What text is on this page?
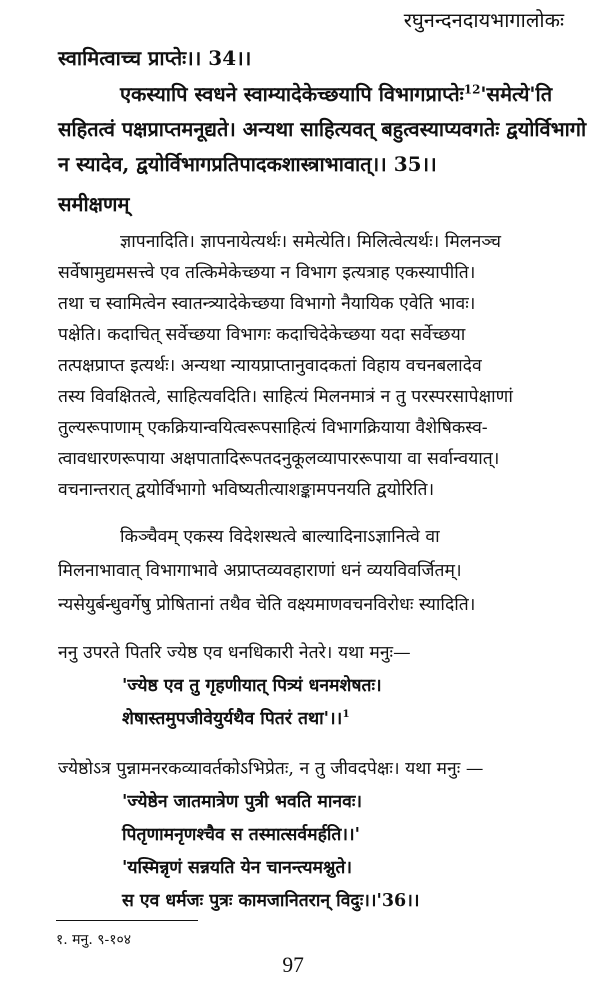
रघुनन्दनदायभागालोकः
स्वामित्वाच्च प्राप्तेः।। 34।।
एकस्यापि स्वधने स्वाम्यादेकेच्छयापि विभागप्राप्तेः$^{12}$'समेत्ये'ति
सहितत्वं पक्षप्राप्तमनूद्यते। अन्यथा साहित्यवत् बहुत्वस्याप्यवगतेः द्वयोर्विभागो
न स्यादेव, द्वयोर्विभागप्रतिपादकशास्त्राभावात्।। 35।।
समीक्षणम्
ज्ञापनादिति। ज्ञापनायेत्यर्थः। समेत्येति। मिलित्वेत्यर्थः। मिलनञ्च
सर्वेषामुद्यमसत्त्वे एव तत्किमेकेच्छया न विभाग इत्यत्राह एकस्यापीति।
तथा च स्वामित्वेन स्वातन्त्र्यादेकेच्छया विभागो नैयायिक एवेति भावः।
पक्षेति। कदाचित् सर्वेच्छया विभागः कदाचिदेकेच्छया यदा सर्वेच्छया
तत्पक्षप्राप्त इत्यर्थः। अन्यथा न्यायप्राप्तानुवादकतां विहाय वचनबलादेव
तस्य विवक्षितत्वे, साहित्यवदिति। साहित्यं मिलनमात्रं न तु परस्परसापेक्षाणां
तुल्यरूपाणाम् एकक्रियान्वयित्वरूपसाहित्यं विभागक्रियाया वैशेषिकस्व-
त्वावधारणरूपाया अक्षपातादिरूपतदनुकूलव्यापाररूपाया वा सर्वान्वयात्।
वचनान्तरात् द्वयोर्विभागो भविष्यतीत्याशङ्कामपनयति द्वयोरिति।
किञ्चैवम् एकस्य विदेशस्थत्वे बाल्यादिनाऽज्ञानित्वे वा
मिलनाभावात् विभागाभावे अप्राप्तव्यवहाराणां धनं व्ययविवर्जितम्।
न्यसेयुर्बन्धुवर्गेषु प्रोषितानां तथैव चेति वक्ष्यमाणवचनविरोधः स्यादिति।
ननु उपरते पितरि ज्येष्ठ एव धनधिकारी नेतरे। यथा मनुः—
'ज्येष्ठ एव तु गृहणीयात् पित्र्यं धनमशेषतः।
शेषास्तमुपजीवेयुर्यथैव पितरं तथा'।।$^1$
ज्येष्ठोऽत्र पुन्नामनरकव्यावर्तकोऽभिप्रेतः, न तु जीवदपेक्षः। यथा मनुः —
'ज्येष्ठेन जातमात्रेण पुत्री भवति मानवः।
पितृणामनृणश्चैव स तस्मात्सर्वमर्हति।।'
'यस्मिन्नृणं सन्नयति येन चानन्त्यमश्नुते।
स एव धर्मजः पुत्रः कामजानितरान् विदुः।।'36।।
१. मनु. ९-१०४
97
